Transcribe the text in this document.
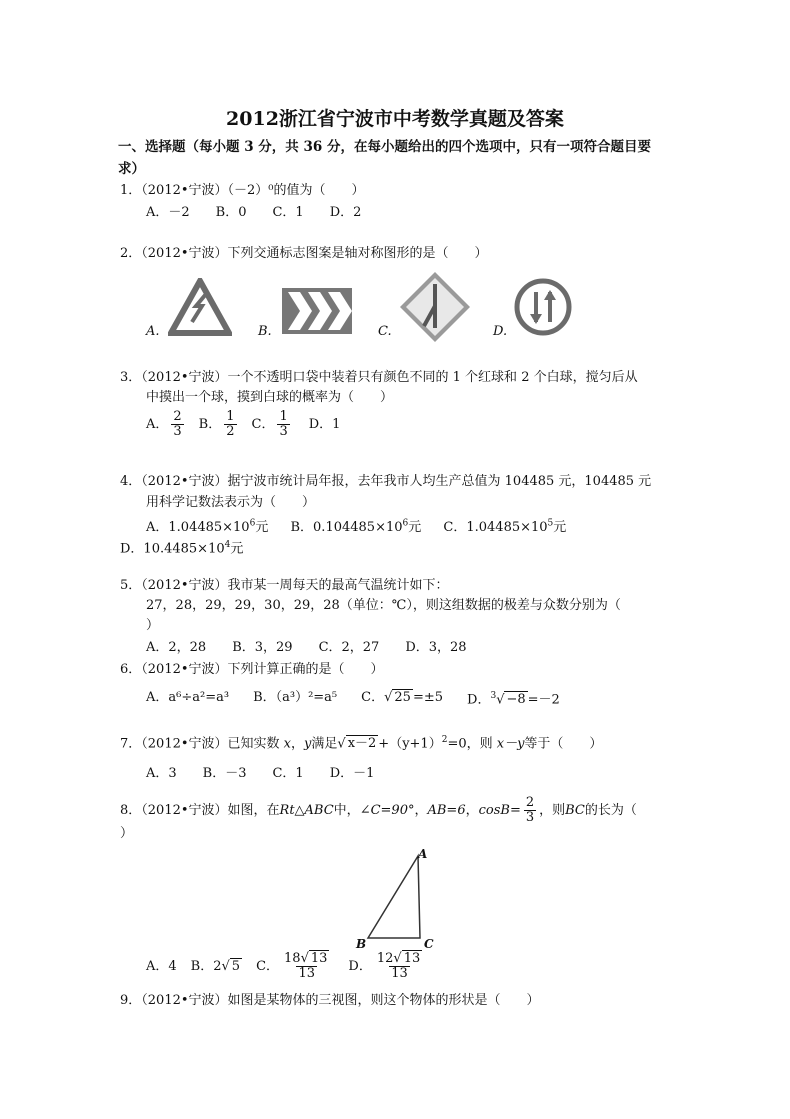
2012浙江省宁波市中考数学真题及答案
一、选择题（每小题 3 分，共 36 分，在每小题给出的四个选项中，只有一项符合题目要
求）
1．（2012•宁波）（－2）⁰的值为（　　）
A．－2　　B．0　　C．1　　D．2
2．（2012•宁波）下列交通标志图案是轴对称图形的是（　　）
A.	B.	C.	D.
3．（2012•宁波）一个不透明口袋中装着只有颜色不同的 1 个红球和 2 个白球，搅匀后从
中摸出一个球，摸到白球的概率为（　　）
A． $\frac{2}{3}$ B． $\frac{1}{2}$ C． $\frac{1}{3}$ D．1
4．（2012•宁波）据宁波市统计局年报，去年我市人均生产总值为 104485 元，104485 元
用科学记数法表示为（　　）
A．$1.04485\times 10^6$元 B．$0.104485\times 10^6$元 C．$1.04485\times 10^5$元
D．$10.4485\times 10^4$元
5．（2012•宁波）我市某一周每天的最高气温统计如下：
27，28，29，29，30，29，28（单位：℃），则这组数据的极差与众数分别为（
）
A．2，28　　B．3，29　　C．2，27　　D．3，28
6．（2012•宁波）下列计算正确的是（　　）
A．a⁶÷a²=a³ B．（a³）²=a⁵ C．√ 25 =±5 D．$^3$√ −8 =－2
7．（2012•宁波）已知实数 x，y满足√ $x-2 +(y+1)^2=0$，则 x－y等于（　　）
A．3　　B．－3　　C．1　　D．－1
8．（2012•宁波）如图，在 Rt△ABC 中， ∠C=90° ， AB=6 ， $\cos B= \frac{2}{3}$ ，则 BC 的长为（
）
A
B	C
A．4 B．2√ 5 C． $\frac{18√ 13}{13}$ D． $\frac{12√ 13}{13}$
9．（2012•宁波）如图是某物体的三视图，则这个物体的形状是（　　）
